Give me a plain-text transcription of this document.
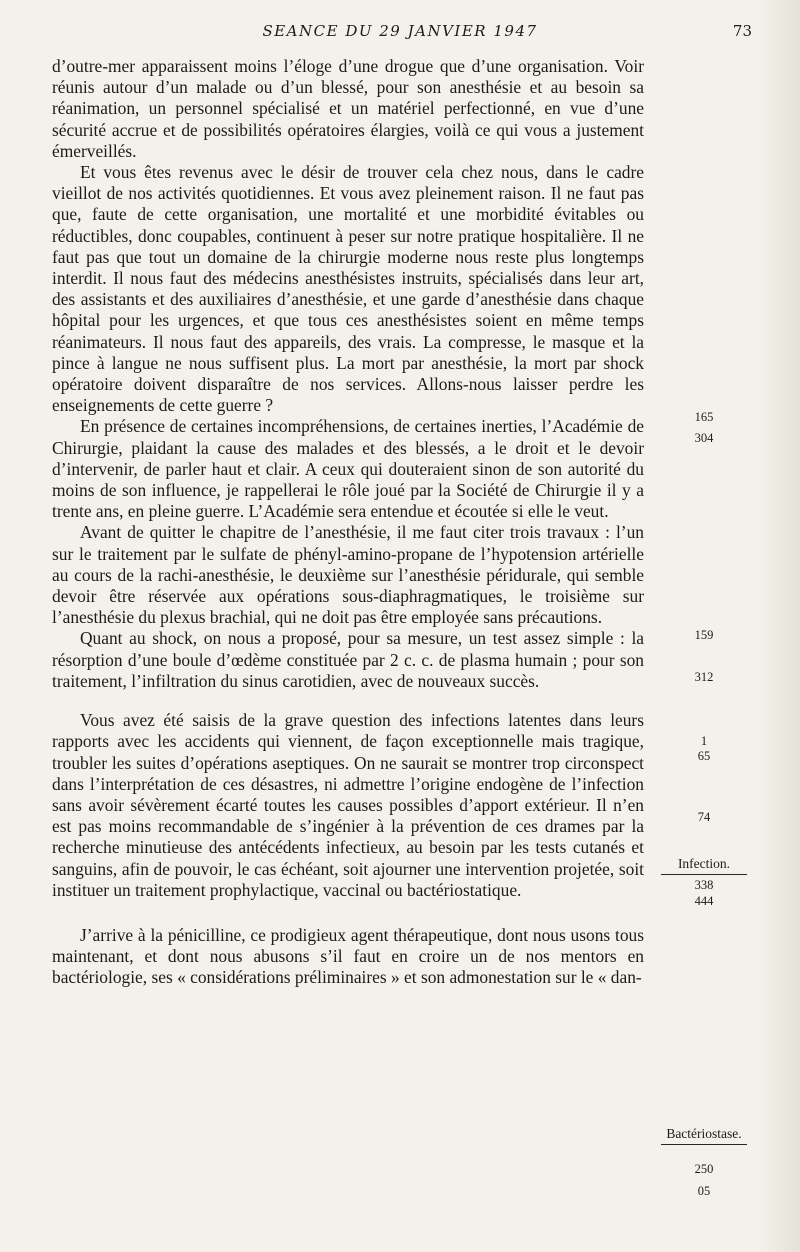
SEANCE DU 29 JANVIER 1947	73

d’outre-mer apparaissent moins l’éloge d’une drogue que d’une organisation. Voir réunis autour d’un malade ou d’un blessé, pour son anesthésie et au besoin sa réanimation, un personnel spécialisé et un matériel perfectionné, en vue d’une sécurité accrue et de possibilités opératoires élargies, voilà ce qui vous a justement émerveillés.

Et vous êtes revenus avec le désir de trouver cela chez nous, dans le cadre vieillot de nos activités quotidiennes. Et vous avez pleinement raison. Il ne faut pas que, faute de cette organisation, une mortalité et une morbidité évitables ou réductibles, donc coupables, continuent à peser sur notre pratique hospitalière. Il ne faut pas que tout un domaine de la chirurgie moderne nous reste plus longtemps interdit. Il nous faut des médecins anesthésistes instruits, spécialisés dans leur art, des assistants et des auxiliaires d’anesthésie, et une garde d’anesthésie dans chaque hôpital pour les urgences, et que tous ces anesthésistes soient en même temps réanimateurs. Il nous faut des appareils, des vrais. La compresse, le masque et la pince à langue ne nous suffisent plus. La mort par anesthésie, la mort par shock opératoire doivent disparaître de nos services. Allons-nous laisser perdre les enseignements de cette guerre ?

En présence de certaines incompréhensions, de certaines inerties, l’Académie de Chirurgie, plaidant la cause des malades et des blessés, a le droit et le devoir d’intervenir, de parler haut et clair. A ceux qui douteraient sinon de son autorité du moins de son influence, je rappellerai le rôle joué par la Société de Chirurgie il y a trente ans, en pleine guerre. L’Académie sera entendue et écoutée si elle le veut.

Avant de quitter le chapitre de l’anesthésie, il me faut citer trois travaux : l’un sur le traitement par le sulfate de phényl-amino-propane de l’hypotension artérielle au cours de la rachi-anesthésie, le deuxième sur l’anesthésie péridurale, qui semble devoir être réservée aux opérations sous-diaphragmatiques, le troisième sur l’anesthésie du plexus brachial, qui ne doit pas être employée sans précautions.

Quant au shock, on nous a proposé, pour sa mesure, un test assez simple : la résorption d’une boule d’œdème constituée par 2 c. c. de plasma humain ; pour son traitement, l’infiltration du sinus carotidien, avec de nouveaux succès.

Vous avez été saisis de la grave question des infections latentes dans leurs rapports avec les accidents qui viennent, de façon exceptionnelle mais tragique, troubler les suites d’opérations aseptiques. On ne saurait se montrer trop circonspect dans l’interprétation de ces désastres, ni admettre l’origine endogène de l’infection sans avoir sévèrement écarté toutes les causes possibles d’apport extérieur. Il n’en est pas moins recommandable de s’ingénier à la prévention de ces drames par la recherche minutieuse des antécédents infectieux, au besoin par les tests cutanés et sanguins, afin de pouvoir, le cas échéant, soit ajourner une intervention projetée, soit instituer un traitement prophylactique, vaccinal ou bactériostatique.

J’arrive à la pénicilline, ce prodigieux agent thérapeutique, dont nous usons tous maintenant, et dont nous abusons s’il faut en croire un de nos mentors en bactériologie, ses « considérations préliminaires » et son admonestation sur le « dan-

165
304
159
312
1
65
74
Infection.
338
444
Bactériostase.
250
05
